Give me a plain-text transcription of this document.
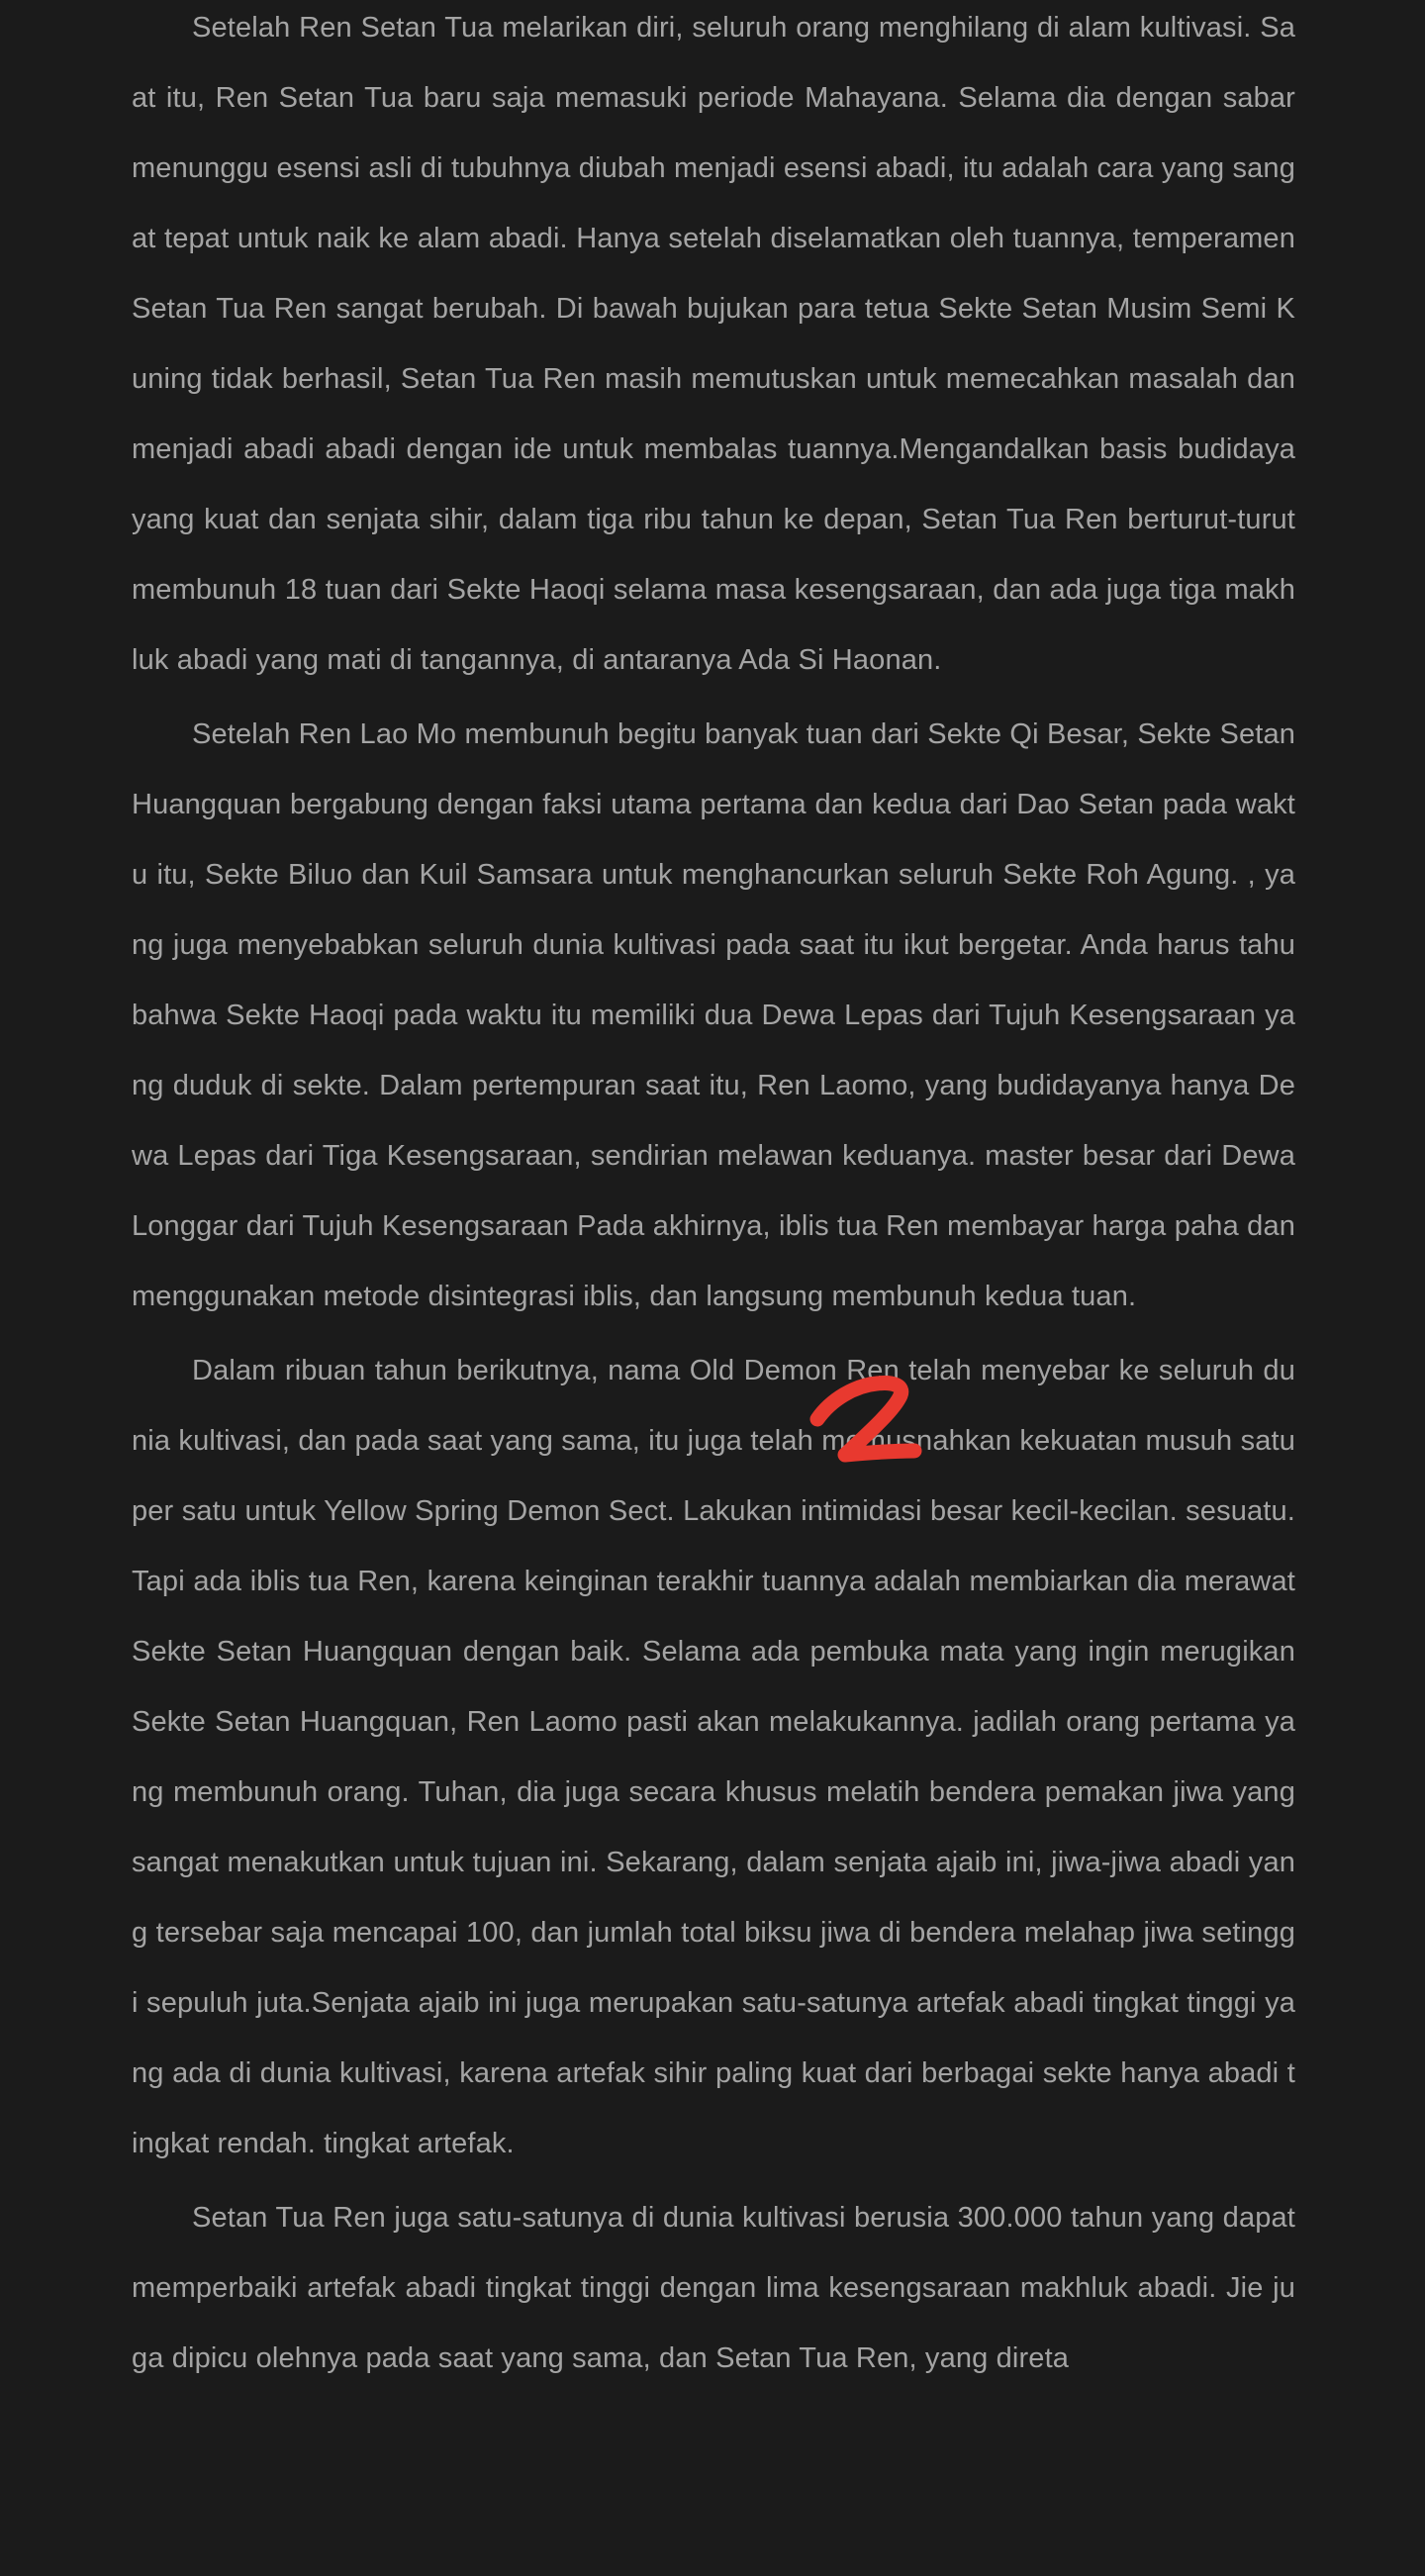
Setelah Ren Setan Tua melarikan diri, seluruh orang menghilang di alam kultivasi. Saat itu, Ren Setan Tua baru saja memasuki periode Mahayana. Selama dia dengan sabar menunggu esensi asli di tubuhnya diubah menjadi esensi abadi, itu adalah cara yang sangat tepat untuk naik ke alam abadi. Hanya setelah diselamatkan oleh tuannya, temperamen Setan Tua Ren sangat berubah. Di bawah bujukan para tetua Sekte Setan Musim Semi Kuning tidak berhasil, Setan Tua Ren masih memutuskan untuk memecahkan masalah dan menjadi abadi abadi dengan ide untuk membalas tuannya.Mengandalkan basis budidaya yang kuat dan senjata sihir, dalam tiga ribu tahun ke depan, Setan Tua Ren berturut-turut membunuh 18 tuan dari Sekte Haoqi selama masa kesengsaraan, dan ada juga tiga makhluk abadi yang mati di tangannya, di antaranya Ada Si Haonan.

Setelah Ren Lao Mo membunuh begitu banyak tuan dari Sekte Qi Besar, Sekte Setan Huangquan bergabung dengan faksi utama pertama dan kedua dari Dao Setan pada waktu itu, Sekte Biluo dan Kuil Samsara untuk menghancurkan seluruh Sekte Roh Agung. , yang juga menyebabkan seluruh dunia kultivasi pada saat itu ikut bergetar. Anda harus tahu bahwa Sekte Haoqi pada waktu itu memiliki dua Dewa Lepas dari Tujuh Kesengsaraan yang duduk di sekte. Dalam pertempuran saat itu, Ren Laomo, yang budidayanya hanya Dewa Lepas dari Tiga Kesengsaraan, sendirian melawan keduanya. master besar dari Dewa Longgar dari Tujuh Kesengsaraan Pada akhirnya, iblis tua Ren membayar harga paha dan menggunakan metode disintegrasi iblis, dan langsung membunuh kedua tuan.

Dalam ribuan tahun berikutnya, nama Old Demon Ren telah menyebar ke seluruh dunia kultivasi, dan pada saat yang sama, itu juga telah memusnahkan kekuatan musuh satu per satu untuk Yellow Spring Demon Sect. Lakukan intimidasi besar kecil-kecilan. sesuatu. Tapi ada iblis tua Ren, karena keinginan terakhir tuannya adalah membiarkan dia merawat Sekte Setan Huangquan dengan baik. Selama ada pembuka mata yang ingin merugikan Sekte Setan Huangquan, Ren Laomo pasti akan melakukannya. jadilah orang pertama yang membunuh orang. Tuhan, dia juga secara khusus melatih bendera pemakan jiwa yang sangat menakutkan untuk tujuan ini. Sekarang, dalam senjata ajaib ini, jiwa-jiwa abadi yang tersebar saja mencapai 100, dan jumlah total biksu jiwa di bendera melahap jiwa setinggi sepuluh juta.Senjata ajaib ini juga merupakan satu-satunya artefak abadi tingkat tinggi yang ada di dunia kultivasi, karena artefak sihir paling kuat dari berbagai sekte hanya abadi tingkat rendah. tingkat artefak.

Setan Tua Ren juga satu-satunya di dunia kultivasi berusia 300.000 tahun yang dapat memperbaiki artefak abadi tingkat tinggi dengan lima kesengsaraan makhluk abadi. Jie juga dipicu olehnya pada saat yang sama, dan Setan Tua Ren, yang direta
